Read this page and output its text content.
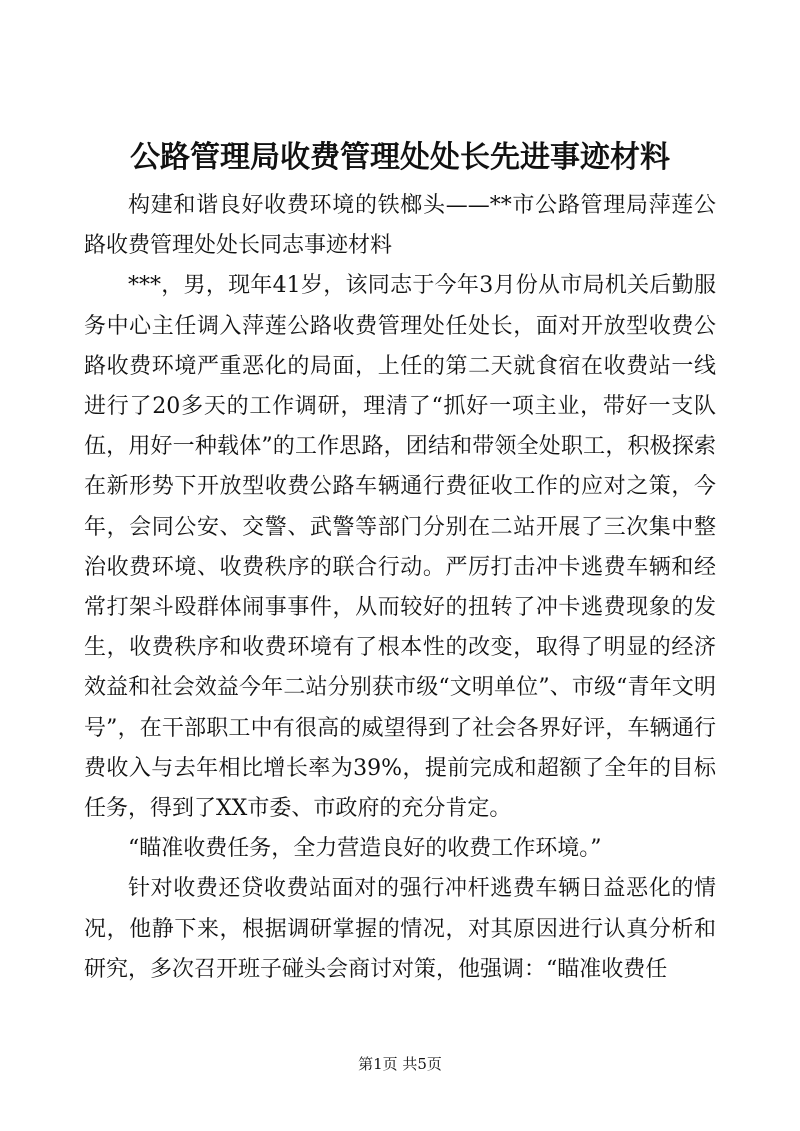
公路管理局收费管理处处长先进事迹材料

构建和谐良好收费环境的铁榔头——**市公路管理局萍莲公路收费管理处处长同志事迹材料

***，男，现年41岁，该同志于今年3月份从市局机关后勤服务中心主任调入萍莲公路收费管理处任处长，面对开放型收费公路收费环境严重恶化的局面，上任的第二天就食宿在收费站一线进行了20多天的工作调研，理清了“抓好一项主业，带好一支队伍，用好一种载体”的工作思路，团结和带领全处职工，积极探索在新形势下开放型收费公路车辆通行费征收工作的应对之策，今年，会同公安、交警、武警等部门分别在二站开展了三次集中整治收费环境、收费秩序的联合行动。严厉打击冲卡逃费车辆和经常打架斗殴群体闹事事件，从而较好的扭转了冲卡逃费现象的发生，收费秩序和收费环境有了根本性的改变，取得了明显的经济效益和社会效益今年二站分别获市级“文明单位”、市级“青年文明号”，在干部职工中有很高的威望得到了社会各界好评，车辆通行费收入与去年相比增长率为39%，提前完成和超额了全年的目标任务，得到了XX市委、市政府的充分肯定。

“瞄准收费任务，全力营造良好的收费工作环境。”

针对收费还贷收费站面对的强行冲杆逃费车辆日益恶化的情况，他静下来，根据调研掌握的情况，对其原因进行认真分析和研究，多次召开班子碰头会商讨对策，他强调：“瞄准收费任

第1页 共5页
